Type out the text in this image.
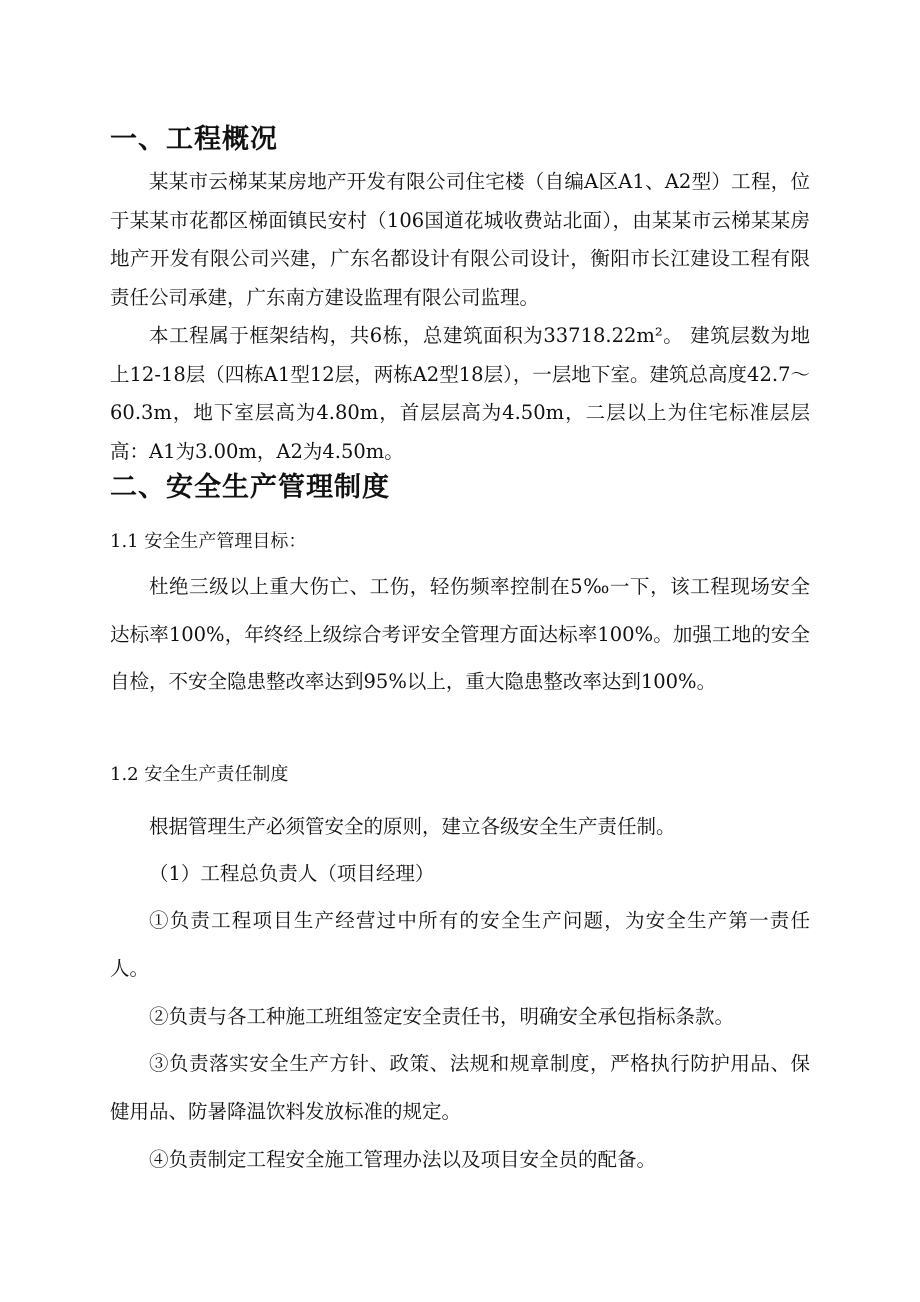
一、工程概况
某某市云梯某某房地产开发有限公司住宅楼（自编A区A1、A2型）工程，位于某某市花都区梯面镇民安村（106国道花城收费站北面），由某某市云梯某某房地产开发有限公司兴建，广东名都设计有限公司设计，衡阳市长江建设工程有限责任公司承建，广东南方建设监理有限公司监理。
本工程属于框架结构，共6栋，总建筑面积为33718.22m²。 建筑层数为地上12-18层（四栋A1型12层，两栋A2型18层），一层地下室。建筑总高度42.7～60.3m，地下室层高为4.80m，首层层高为4.50m，二层以上为住宅标准层层高：A1为3.00m，A2为4.50m。
二、安全生产管理制度
1.1 安全生产管理目标：
杜绝三级以上重大伤亡、工伤，轻伤频率控制在5‰一下，该工程现场安全达标率100%，年终经上级综合考评安全管理方面达标率100%。加强工地的安全自检，不安全隐患整改率达到95%以上，重大隐患整改率达到100%。
1.2 安全生产责任制度
根据管理生产必须管安全的原则，建立各级安全生产责任制。
（1）工程总负责人（项目经理）
①负责工程项目生产经营过中所有的安全生产问题，为安全生产第一责任人。
②负责与各工种施工班组签定安全责任书，明确安全承包指标条款。
③负责落实安全生产方针、政策、法规和规章制度，严格执行防护用品、保健用品、防暑降温饮料发放标准的规定。
④负责制定工程安全施工管理办法以及项目安全员的配备。
